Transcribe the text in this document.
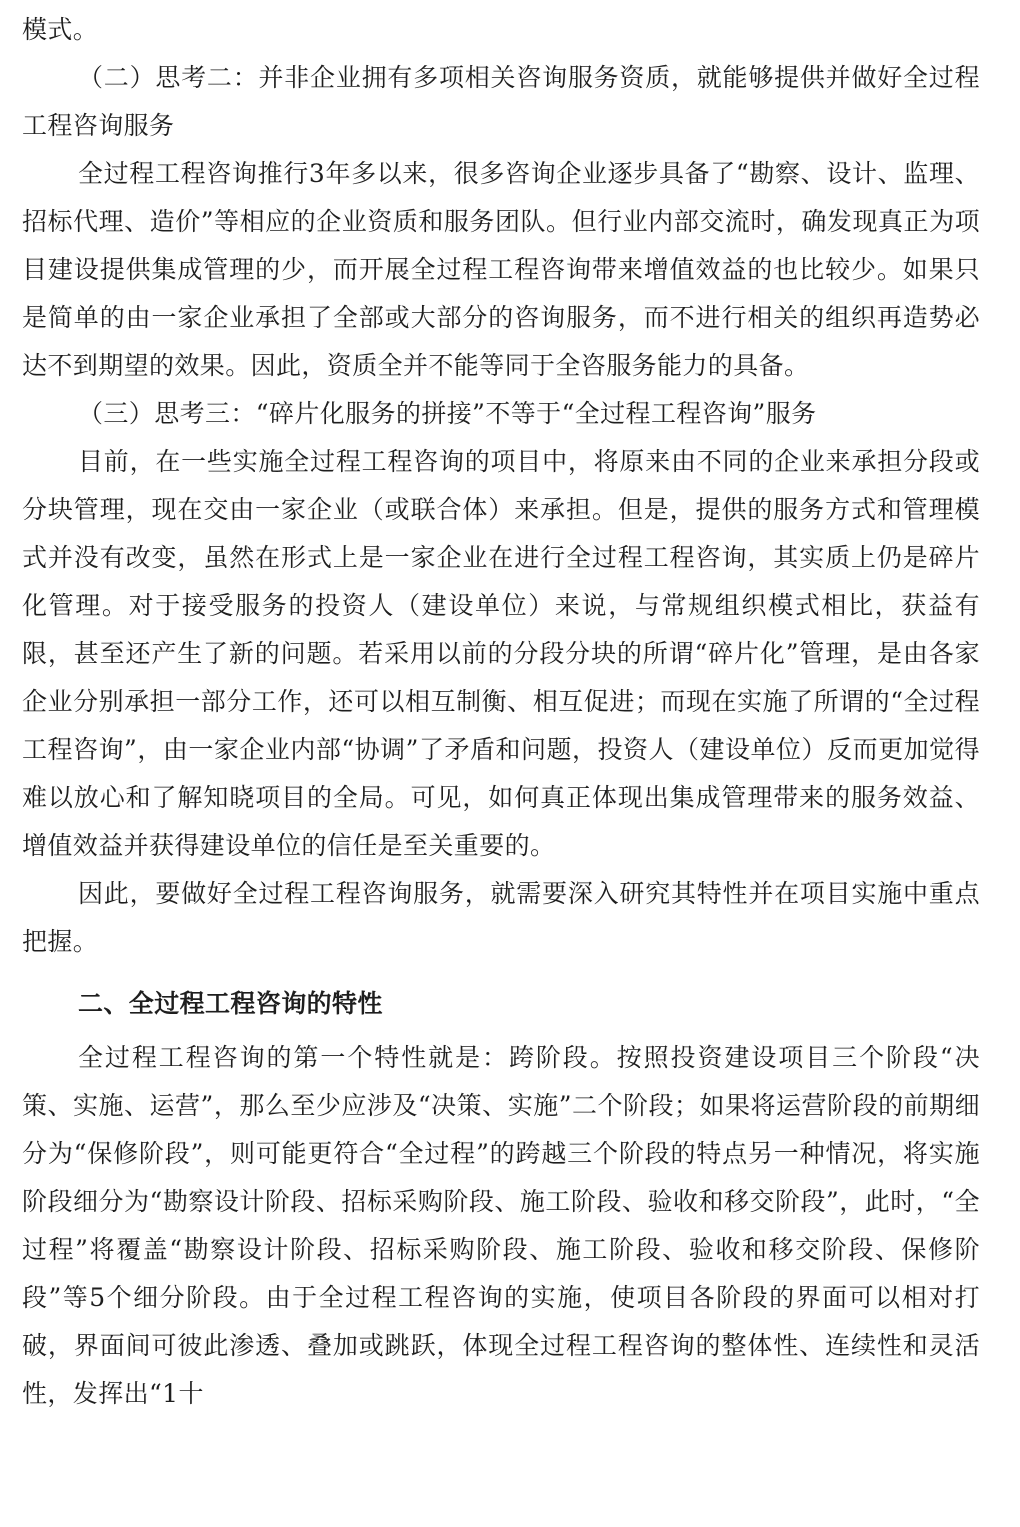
模式。

（二）思考二：并非企业拥有多项相关咨询服务资质，就能够提供并做好全过程工程咨询服务

全过程工程咨询推行3年多以来，很多咨询企业逐步具备了“勘察、设计、监理、招标代理、造价”等相应的企业资质和服务团队。但行业内部交流时，确发现真正为项目建设提供集成管理的少，而开展全过程工程咨询带来增值效益的也比较少。如果只是简单的由一家企业承担了全部或大部分的咨询服务，而不进行相关的组织再造势必达不到期望的效果。因此，资质全并不能等同于全咨服务能力的具备。

（三）思考三：“碎片化服务的拼接”不等于“全过程工程咨询”服务

目前，在一些实施全过程工程咨询的项目中，将原来由不同的企业来承担分段或分块管理，现在交由一家企业（或联合体）来承担。但是，提供的服务方式和管理模式并没有改变，虽然在形式上是一家企业在进行全过程工程咨询，其实质上仍是碎片化管理。对于接受服务的投资人（建设单位）来说，与常规组织模式相比，获益有限，甚至还产生了新的问题。若采用以前的分段分块的所谓“碎片化”管理，是由各家企业分别承担一部分工作，还可以相互制衡、相互促进；而现在实施了所谓的“全过程工程咨询”，由一家企业内部“协调”了矛盾和问题，投资人（建设单位）反而更加觉得难以放心和了解知晓项目的全局。可见，如何真正体现出集成管理带来的服务效益、增值效益并获得建设单位的信任是至关重要的。

因此，要做好全过程工程咨询服务，就需要深入研究其特性并在项目实施中重点把握。

二、全过程工程咨询的特性

全过程工程咨询的第一个特性就是：跨阶段。按照投资建设项目三个阶段“决策、实施、运营”，那么至少应涉及“决策、实施”二个阶段；如果将运营阶段的前期细分为“保修阶段”，则可能更符合“全过程”的跨越三个阶段的特点另一种情况，将实施阶段细分为“勘察设计阶段、招标采购阶段、施工阶段、验收和移交阶段”，此时，“全过程”将覆盖“勘察设计阶段、招标采购阶段、施工阶段、验收和移交阶段、保修阶段”等5个细分阶段。由于全过程工程咨询的实施，使项目各阶段的界面可以相对打破，界面间可彼此渗透、叠加或跳跃，体现全过程工程咨询的整体性、连续性和灵活性，发挥出“1十
